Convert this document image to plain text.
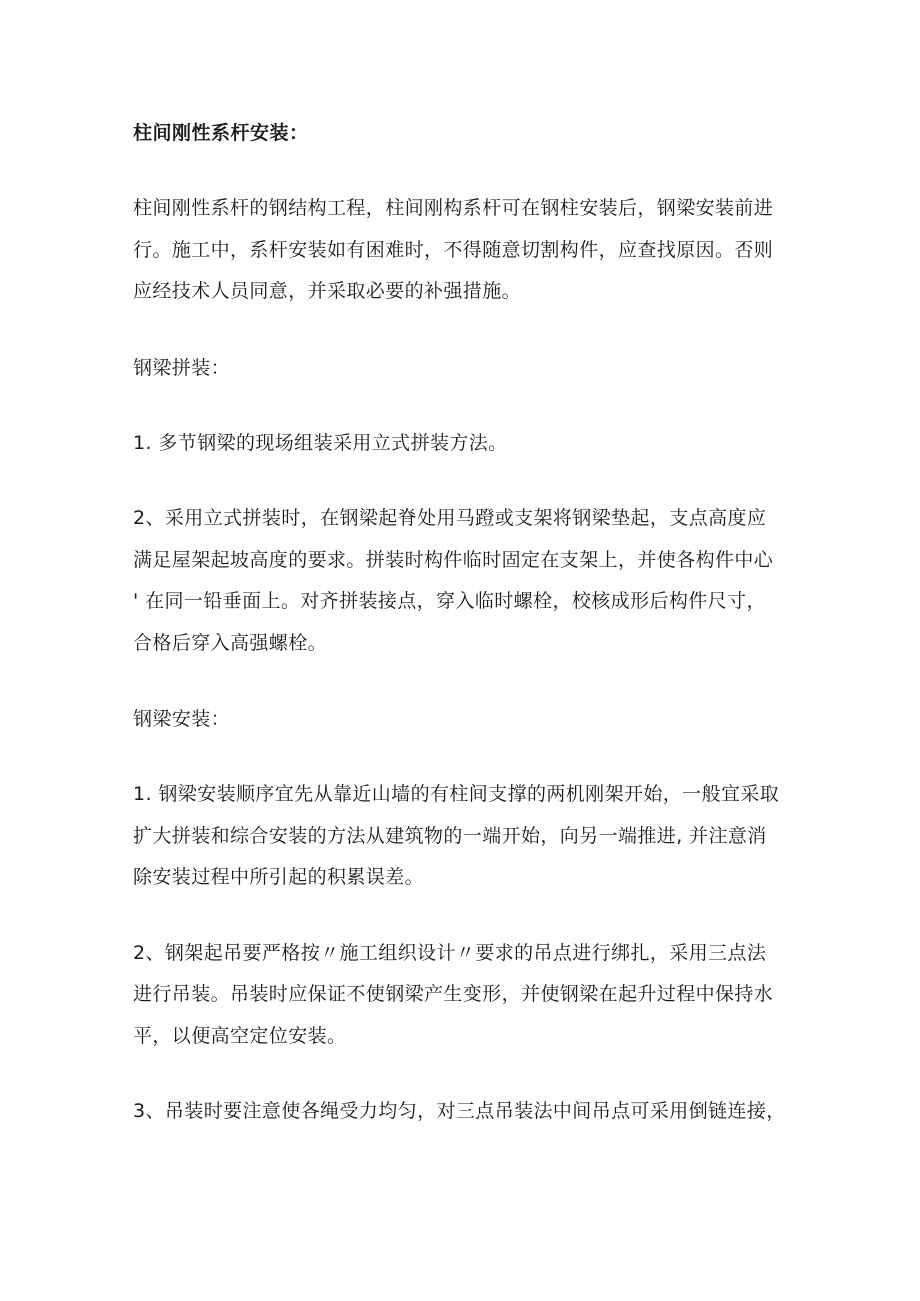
柱间刚性系杆安装：
柱间刚性系杆的钢结构工程，柱间刚构系杆可在钢柱安装后，钢梁安装前进
行。施工中，系杆安装如有困难时，不得随意切割构件，应查找原因。否则
应经技术人员同意，并采取必要的补强措施。
钢梁拼装：
1. 多节钢梁的现场组装采用立式拼装方法。
2、采用立式拼装时，在钢梁起脊处用马蹬或支架将钢梁垫起，支点高度应
满足屋架起坡高度的要求。拼装时构件临时固定在支架上，并使各构件中心
' 在同一铅垂面上。对齐拼装接点，穿入临时螺栓，校核成形后构件尺寸，
合格后穿入高强螺栓。
钢梁安装：
1. 钢梁安装顺序宜先从靠近山墙的有柱间支撑的两机刚架开始，一般宜采取
扩大拼装和综合安装的方法从建筑物的一端开始，向另一端推进, 并注意消
除安装过程中所引起的积累误差。
2、钢架起吊要严格按〃施工组织设计〃要求的吊点进行绑扎，采用三点法
进行吊装。吊装时应保证不使钢梁产生变形，并使钢梁在起升过程中保持水
平，以便高空定位安装。
3、吊装时要注意使各绳受力均匀，对三点吊装法中间吊点可采用倒链连接，
